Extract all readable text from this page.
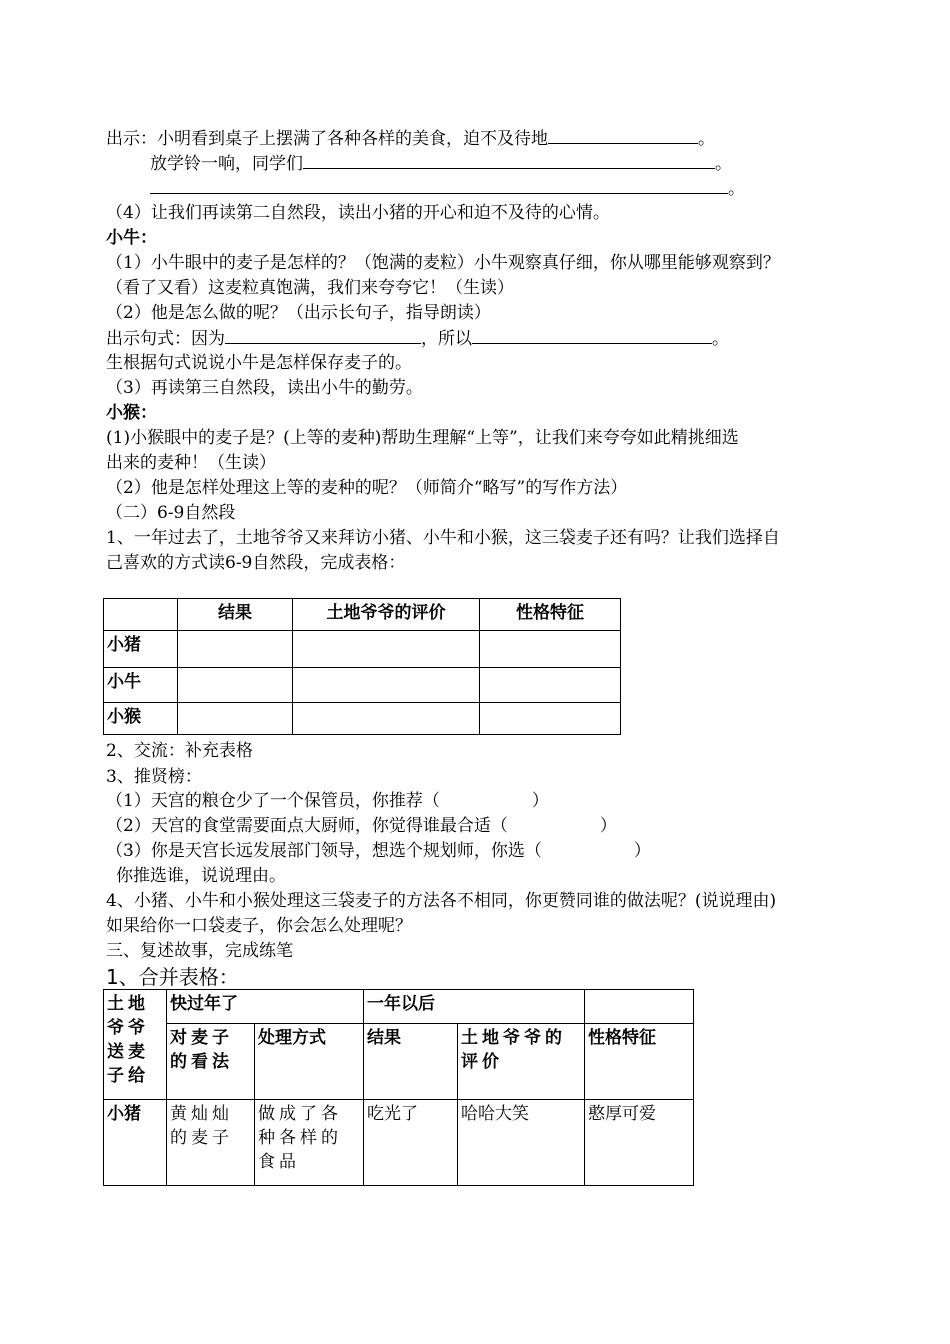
出示：小明看到桌子上摆满了各种各样的美食，迫不及待地	。
放学铃一响，同学们	。
。
（4）让我们再读第二自然段，读出小猪的开心和迫不及待的心情。
小牛：
（1）小牛眼中的麦子是怎样的？（饱满的麦粒）小牛观察真仔细，你从哪里能够观察到？
（看了又看）这麦粒真饱满，我们来夸夸它！（生读）
（2）他是怎么做的呢？（出示长句子，指导朗读）
出示句式：因为	，所以	。
生根据句式说说小牛是怎样保存麦子的。
（3）再读第三自然段，读出小牛的勤劳。
小猴：
(1)小猴眼中的麦子是？(上等的麦种)帮助生理解“上等”，让我们来夸夸如此精挑细选
出来的麦种！（生读）
（2）他是怎样处理这上等的麦种的呢？（师简介“略写”的写作方法）
（二）6-9自然段
1、一年过去了，土地爷爷又来拜访小猪、小牛和小猴，这三袋麦子还有吗？让我们选择自
己喜欢的方式读6-9自然段，完成表格：
	结果	土地爷爷的评价	性格特征
小猪			
小牛			
小猴			
2、交流：补充表格
3、推贤榜：
（1）天宫的粮仓少了一个保管员，你推荐（	）
（2）天宫的食堂需要面点大厨师，你觉得谁最合适（	）
（3）你是天宫长远发展部门领导，想选个规划师，你选（	）
你推选谁，说说理由。
4、小猪、小牛和小猴处理这三袋麦子的方法各不相同，你更赞同谁的做法呢？(说说理由)
如果给你一口袋麦子，你会怎么处理呢？
三、复述故事，完成练笔
1、合并表格：
土地爷爷送麦子给	快过年了		一年以后		
	对麦子的看法	处理方式	结果	土地爷爷的评价	性格特征
小猪	黄灿灿的麦子	做成了各种各样的食品	吃光了	哈哈大笑	憨厚可爱
